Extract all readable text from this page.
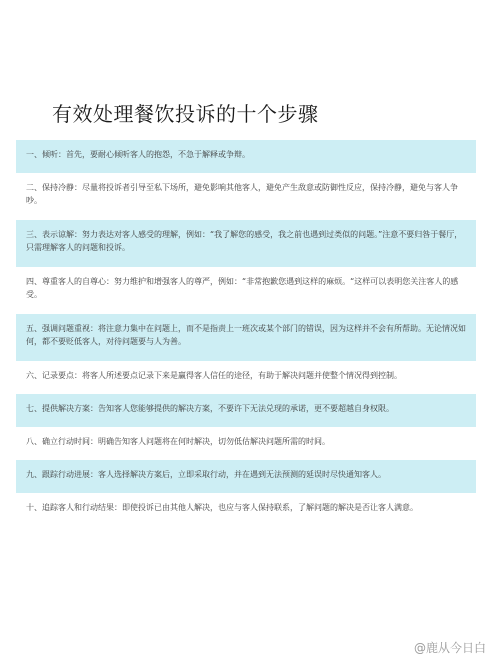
有效处理餐饮投诉的十个步骤
一、倾听：首先，要耐心倾听客人的抱怨，不急于解释或争辩。
二、保持冷静：尽量将投诉者引导至私下场所，避免影响其他客人，避免产生敌意或防御性反应，保持冷静，避免与客人争吵。
三、表示谅解：努力表达对客人感受的理解，例如：“我了解您的感受，我之前也遇到过类似的问题。”注意不要归咎于餐厅，只需理解客人的问题和投诉。
四、尊重客人的自尊心：努力维护和增强客人的尊严，例如：“非常抱歉您遇到这样的麻烦。“这样可以表明您关注客人的感受。
五、强调问题重视：将注意力集中在问题上，而不是指责上一班次或某个部门的错误，因为这样并不会有所帮助。无论情况如何，都不要贬低客人，对待问题要与人为善。
六、记录要点：将客人所述要点记录下来是赢得客人信任的途径，有助于解决问题并使整个情况得到控制。
七、提供解决方案：告知客人您能够提供的解决方案，不要许下无法兑现的承诺，更不要超越自身权限。
八、确立行动时间：明确告知客人问题将在何时解决，切勿低估解决问题所需的时间。
九、跟踪行动进展：客人选择解决方案后，立即采取行动，并在遇到无法预测的延误时尽快通知客人。
十、追踪客人和行动结果：即使投诉已由其他人解决，也应与客人保持联系，了解问题的解决是否让客人满意。
@鹿从今日白
